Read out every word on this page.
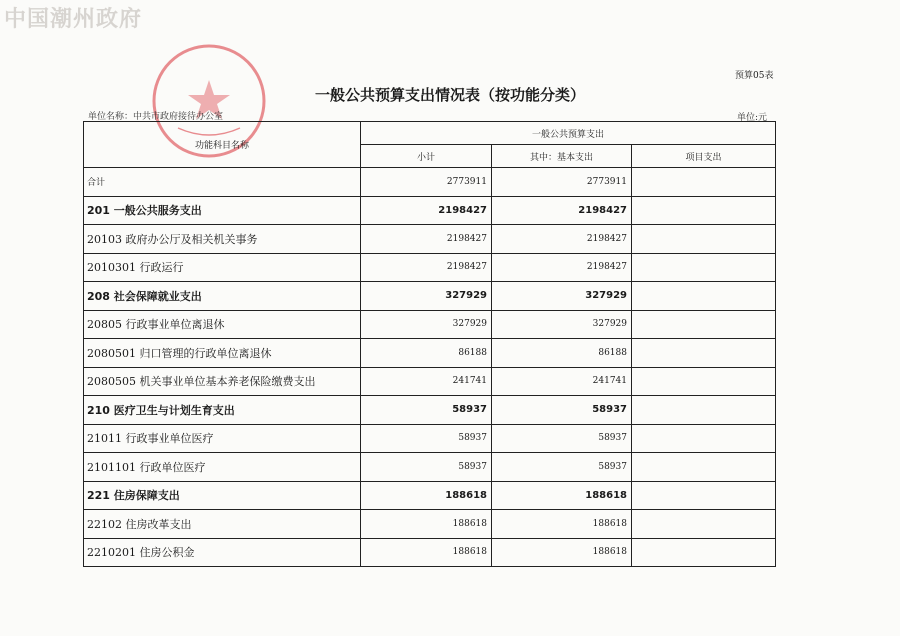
中国潮州政府
预算05表
一般公共预算支出情况表（按功能分类）
单位名称：中共市政府接待办公室	单位:元
功能科目名称	一般公共预算支出		
	小计	其中：基本支出	项目支出
合计	2773911	2773911	
201 一般公共服务支出	2198427	2198427	
20103 政府办公厅及相关机关事务	2198427	2198427	
2010301 行政运行	2198427	2198427	
208 社会保障就业支出	327929	327929	
20805 行政事业单位离退休	327929	327929	
2080501 归口管理的行政单位离退休	86188	86188	
2080505 机关事业单位基本养老保险缴费支出	241741	241741	
210 医疗卫生与计划生育支出	58937	58937	
21011 行政事业单位医疗	58937	58937	
2101101 行政单位医疗	58937	58937	
221 住房保障支出	188618	188618	
22102 住房改革支出	188618	188618	
2210201 住房公积金	188618	188618	
